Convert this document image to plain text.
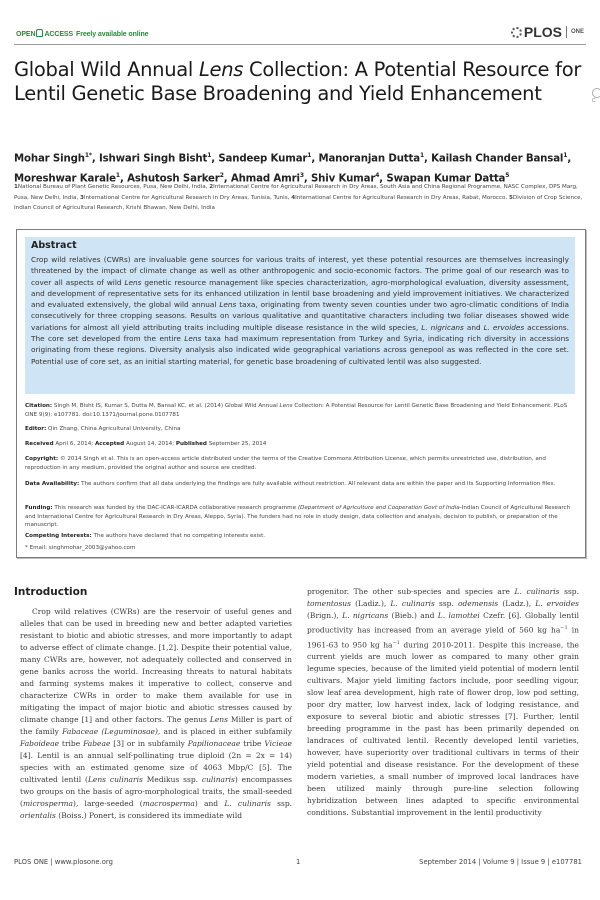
OPEN ACCESS Freely available online	PLOS ONE
C
Global Wild Annual Lens Collection: A Potential Resource for Lentil Genetic Base Broadening and Yield Enhancement
Mohar Singh$^{1*}$, Ishwari Singh Bisht$^1$, Sandeep Kumar$^1$, Manoranjan Dutta$^1$, Kailash Chander Bansal$^1$, Moreshwar Karale$^1$, Ashutosh Sarker$^2$, Ahmad Amri$^3$, Shiv Kumar$^4$, Swapan Kumar Datta$^5$
1National Bureau of Plant Genetic Resources, Pusa, New Delhi, India, 2International Centre for Agricultural Research in Dry Areas, South Asia and China Regional Programme, NASC Complex, DPS Marg, Pusa, New Delhi, India, 3International Centre for Agricultural Research in Dry Areas, Tunisia, Tunis, 4International Centre for Agricultural Research in Dry Areas, Rabat, Morocco, 5Division of Crop Science, Indian Council of Agricultural Research, Krishi Bhawan, New Delhi, India
Abstract

Crop wild relatives (CWRs) are invaluable gene sources for various traits of interest, yet these potential resources are themselves increasingly threatened by the impact of climate change as well as other anthropogenic and socio-economic factors. The prime goal of our research was to cover all aspects of wild Lens genetic resource management like species characterization, agro-morphological evaluation, diversity assessment, and development of representative sets for its enhanced utilization in lentil base broadening and yield improvement initiatives. We characterized and evaluated extensively, the global wild annual Lens taxa, originating from twenty seven counties under two agro-climatic conditions of India consecutively for three cropping seasons. Results on various qualitative and quantitative characters including two foliar diseases showed wide variations for almost all yield attributing traits including multiple disease resistance in the wild species, L. nigricans and L. ervoides accessions. The core set developed from the entire Lens taxa had maximum representation from Turkey and Syria, indicating rich diversity in accessions originating from these regions. Diversity analysis also indicated wide geographical variations across genepool as was reflected in the core set. Potential use of core set, as an initial starting material, for genetic base broadening of cultivated lentil was also suggested.

Citation: Singh M, Bisht IS, Kumar S, Dutta M, Bansal KC, et al. (2014) Global Wild Annual Lens Collection: A Potential Resource for Lentil Genetic Base Broadening and Yield Enhancement. PLoS ONE 9(9): e107781. doi:10.1371/journal.pone.0107781
Editor: Qin Zhang, China Agricultural University, China
Received April 6, 2014; Accepted August 14, 2014; Published September 25, 2014
Copyright: © 2014 Singh et al. This is an open-access article distributed under the terms of the Creative Commons Attribution License, which permits unrestricted use, distribution, and reproduction in any medium, provided the original author and source are credited.
Data Availability: The authors confirm that all data underlying the findings are fully available without restriction. All relevant data are within the paper and its Supporting Information files.
Funding: This research was funded by the DAC-ICAR-ICARDA collaborative research programme (Department of Agriculture and Cooperation Govt of India-Indian Council of Agricultural Research and International Centre for Agricultural Research in Dry Areas, Aleppo, Syria). The funders had no role in study design, data collection and analysis, decision to publish, or preparation of the manuscript.
Competing Interests: The authors have declared that no competing interests exist.
* Email: singhmohar_2003@yahoo.com
Introduction
Crop wild relatives (CWRs) are the reservoir of useful genes and alleles that can be used in breeding new and better adapted varieties resistant to biotic and abiotic stresses, and more importantly to adapt to adverse effect of climate change. [1,2]. Despite their potential value, many CWRs are, however, not adequately collected and conserved in gene banks across the world. Increasing threats to natural habitats and farming systems makes it imperative to collect, conserve and characterize CWRs in order to make them available for use in mitigating the impact of major biotic and abiotic stresses caused by climate change [1] and other factors. The genus Lens Miller is part of the family Fabaceae (Leguminosae), and is placed in either subfamily Faboideae tribe Fabeae [3] or in subfamily Papilionaceae tribe Vicieae [4]. Lentil is an annual self-pollinating true diploid (2n = 2x = 14) species with an estimated genome size of 4063 Mbp/C [5]. The cultivated lentil (Lens culinaris Medikus ssp. culinaris) encompasses two groups on the basis of agro-morphological traits, the small-seeded (microsperma), large-seeded (macrosperma) and L. culinaris ssp. orientalis (Boiss.) Ponert, is considered its immediate wild
progenitor. The other sub-species and species are L. culinaris ssp. tomentosus (Ladiz.), L. culinaris ssp. odemensis (Ladz.), L. ervoides (Brign.), L. nigricans (Bieb.) and L. lamottei Czefr. [6]. Globally lentil productivity has increased from an average yield of 560 kg $ha^{-1}$ in 1961-63 to 950 kg $ha^{-1}$ during 2010-2011. Despite this increase, the current yields are much lower as compared to many other grain legume species, because of the limited yield potential of modern lentil cultivars. Major yield limiting factors include, poor seedling vigour, slow leaf area development, high rate of flower drop, low pod setting, poor dry matter, low harvest index, lack of lodging resistance, and exposure to several biotic and abiotic stresses [7]. Further, lentil breeding programme in the past has been primarily depended on landraces of cultivated lentil. Recently developed lentil varieties, however, have superiority over traditional cultivars in terms of their yield potential and disease resistance. For the development of these modern varieties, a small number of improved local landraces have been utilized mainly through pure-line selection following hybridization between lines adapted to specific environmental conditions. Substantial improvement in the lentil productivity
PLOS ONE | www.plosone.org	1	September 2014 | Volume 9 | Issue 9 | e107781
